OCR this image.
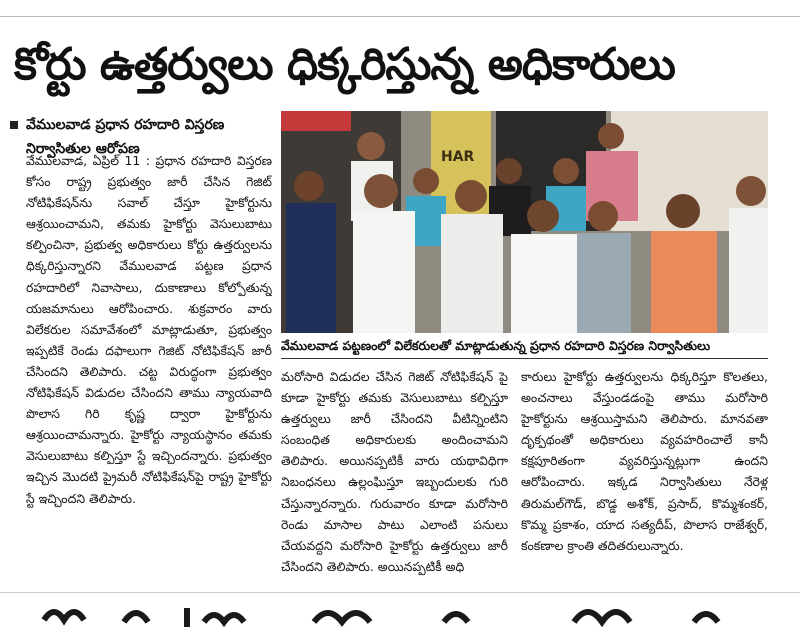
కోర్టు ఉత్తర్వులు ధిక్కరిస్తున్న అధికారులు
వేములవాడ ప్రధాన రహదారి విస్తరణ నిర్వాసితుల ఆరోపణ
వేములవాడ, ఏప్రిల్ 11 : ప్రధాన రహదారి విస్తరణ కోసం రాష్ట్ర ప్రభుత్వం జారీ చేసిన గెజిట్ నోటిఫికేషన్‌ను సవాల్ చేస్తూ హైకోర్టును ఆశ్రయించామని, తమకు హైకోర్టు వెసులుబాటు కల్పించినా, ప్రభుత్వ అధికారులు కోర్టు ఉత్తర్వులను ధిక్కరిస్తున్నారని వేములవాడ పట్టణ ప్రధాన రహదారిలో నివాసాలు, దుకాణాలు కోల్పోతున్న యజమానులు ఆరోపించారు. శుక్రవారం వారు విలేకరుల సమావేశంలో మాట్లాడుతూ, ప్రభుత్వం ఇప్పటికే రెండు దఫాలుగా గెజిట్ నోటిఫికేషన్ జారీ చేసిందని తెలిపారు. చట్ట విరుద్ధంగా ప్రభుత్వం నోటిఫికేషన్ విడుదల చేసిందని తాము న్యాయవాది పొలాస గిరి కృష్ణ ద్వారా హైకోర్టును ఆశ్రయించామన్నారు. హైకోర్టు న్యాయస్థానం తమకు వెసులుబాటు కల్పిస్తూ స్టే ఇచ్చిందన్నారు. ప్రభుత్వం ఇచ్చిన మొదటి ప్రైమరీ నోటిఫికేషన్‌పై రాష్ట్ర హైకోర్టు స్టే ఇచ్చిందని తెలిపారు.
HAR
వేములవాడ పట్టణంలో విలేకరులతో మాట్లాడుతున్న ప్రధాన రహదారి విస్తరణ నిర్వాసితులు
మరోసారి విడుదల చేసిన గెజిట్ నోటిఫికేషన్ పై కూడా హైకోర్టు తమకు వెసులుబాటు కల్పిస్తూ ఉత్తర్వులు జారీ చేసిందని వీటిన్నింటిని సంబంధిత అధికారులకు అందించామని తెలిపారు. అయినప్పటికీ వారు యథావిధిగా నిబంధనలు ఉల్లంఘిస్తూ ఇబ్బందులకు గురి చేస్తున్నారన్నారు. గురువారం కూడా మరోసారి రెండు మాసాల పాటు ఎలాంటి పనులు చేయవద్దని మరోసారి హైకోర్టు ఉత్తర్వులు జారీ చేసిందని తెలిపారు. అయినప్పటికీ అధి
కారులు హైకోర్టు ఉత్తర్వులను ధిక్కరిస్తూ కొలతలు, అంచనాలు వేస్తుండడంపై తాము మరోసారి హైకోర్టును ఆశ్రయిస్తామని తెలిపారు. మానవతా దృక్పథంతో అధికారులు వ్యవహరించాలే కానీ కక్షపూరితంగా వ్యవరిస్తున్నట్లుగా ఉందని ఆరోపించారు. ఇక్కడ నిర్వాసితులు నేరెళ్ల తిరుమల్‌గౌడ్, బొడ్డ అశోక్, ప్రసాద్, కొమ్మశంకర్, కొమ్మ ప్రకాశం, యాద సత్యదీప్, పొలాస రాజేశ్వర్, కంకణాల క్రాంతి తదితరులున్నారు.
